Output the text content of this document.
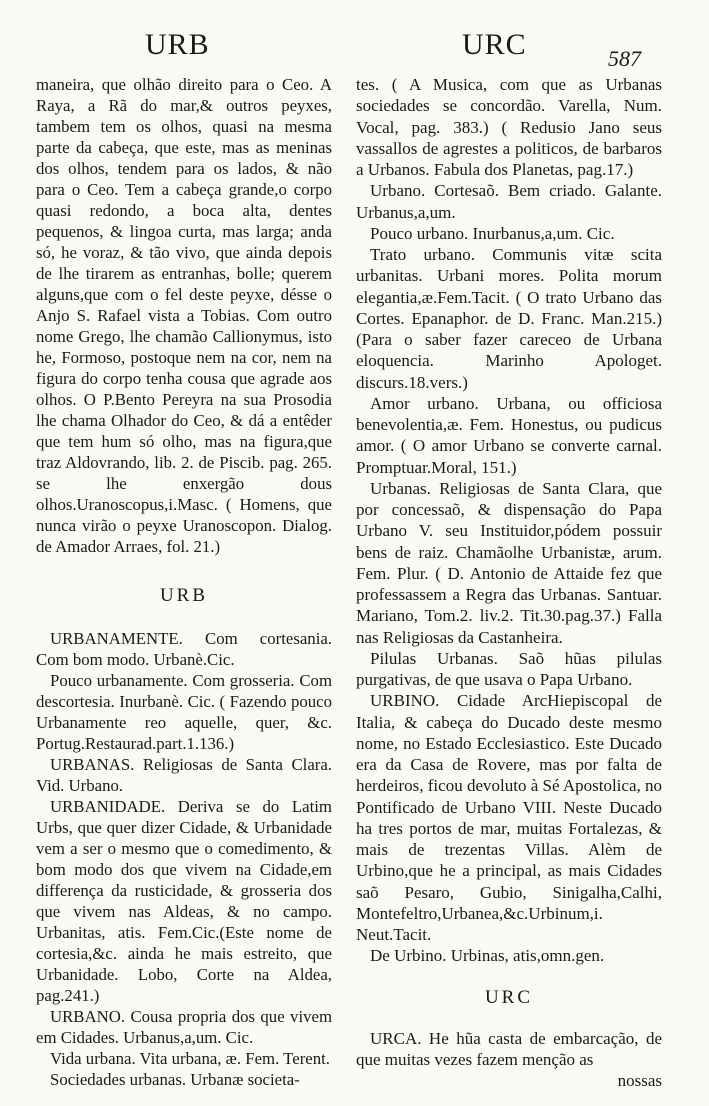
URB	URC	587

maneira, que olhão direito para o Ceo. A Raya, a Rã do mar,& outros peyxes, tambem tem os olhos, quasi na mesma parte da cabeça, que este, mas as meninas dos olhos, tendem para os lados, & não para o Ceo. Tem a cabeça grande,o corpo quasi redondo, a boca alta, dentes pequenos, & lingoa curta, mas larga; anda só, he voraz, & tão vivo, que ainda depois de lhe tirarem as entranhas, bolle; querem alguns,que com o fel deste peyxe, désse o Anjo S. Rafael vista a Tobias. Com outro nome Grego, lhe chamão Callionymus, isto he, Formoso, postoque nem na cor, nem na figura do corpo tenha cousa que agrade aos olhos. O P.Bento Pereyra na sua Prosodia lhe chama Olhador do Ceo, & dá a entêder que tem hum só olho, mas na figura,que traz Aldovrando, lib. 2. de Piscib. pag. 265. se lhe enxergão dous olhos.Uranoscopus,i.Masc. ( Homens, que nunca virão o peyxe Uranoscopon. Dialog. de Amador Arraes, fol. 21.)

URB

URBANAMENTE. Com cortesania. Com bom modo. Urbanè.Cic.

Pouco urbanamente. Com grosseria. Com descortesia. Inurbanè. Cic. ( Fazendo pouco Urbanamente reo aquelle, quer, &c. Portug.Restaurad.part.1.136.)

URBANAS. Religiosas de Santa Clara. Vid. Urbano.

URBANIDADE. Deriva se do Latim Urbs, que quer dizer Cidade, & Urbanidade vem a ser o mesmo que o comedimento, & bom modo dos que vivem na Cidade,em differença da rusticidade, & grosseria dos que vivem nas Aldeas, & no campo. Urbanitas, atis. Fem.Cic.(Este nome de cortesia,&c. ainda he mais estreito, que Urbanidade. Lobo, Corte na Aldea, pag.241.)

URBANO. Cousa propria dos que vivem em Cidades. Urbanus,a,um. Cic.

Vida urbana. Vita urbana, æ. Fem. Terent.

Sociedades urbanas. Urbanæ societa-

tes. ( A Musica, com que as Urbanas sociedades se concordão. Varella, Num. Vocal, pag. 383.) ( Redusio Jano seus vassallos de agrestes a politicos, de barbaros a Urbanos. Fabula dos Planetas, pag.17.)

Urbano. Cortesaõ. Bem criado. Galante. Urbanus,a,um.

Pouco urbano. Inurbanus,a,um. Cic.

Trato urbano. Communis vitæ scita urbanitas. Urbani mores. Polita morum elegantia,æ.Fem.Tacit. ( O trato Urbano das Cortes. Epanaphor. de D. Franc. Man.215.)(Para o saber fazer careceo de Urbana eloquencia. Marinho Apologet. discurs.18.vers.)

Amor urbano. Urbana, ou officiosa benevolentia,æ. Fem. Honestus, ou pudicus amor. ( O amor Urbano se converte carnal. Promptuar.Moral, 151.)

Urbanas. Religiosas de Santa Clara, que por concessaõ, & dispensação do Papa Urbano V. seu Instituidor,pódem possuir bens de raiz. Chamãolhe Urbanistæ, arum. Fem. Plur. ( D. Antonio de Attaide fez que professassem a Regra das Urbanas. Santuar. Mariano, Tom.2. liv.2. Tit.30.pag.37.) Falla nas Religiosas da Castanheira.

Pilulas Urbanas. Saõ hũas pilulas purgativas, de que usava o Papa Urbano.

URBINO. Cidade ArcHiepiscopal de Italia, & cabeça do Ducado deste mesmo nome, no Estado Ecclesiastico. Este Ducado era da Casa de Rovere, mas por falta de herdeiros, ficou devoluto à Sé Apostolica, no Pontificado de Urbano VIII. Neste Ducado ha tres portos de mar, muitas Fortalezas, & mais de trezentas Villas. Alèm de Urbino,que he a principal, as mais Cidades saõ Pesaro, Gubio, Sinigalha,Calhi, Montefeltro,Urbanea,&c.Urbinum,i. Neut.Tacit.

De Urbino. Urbinas, atis,omn.gen.

URC

URCA. He hũa casta de embarcação, de que muitas vezes fazem menção as

nossas
